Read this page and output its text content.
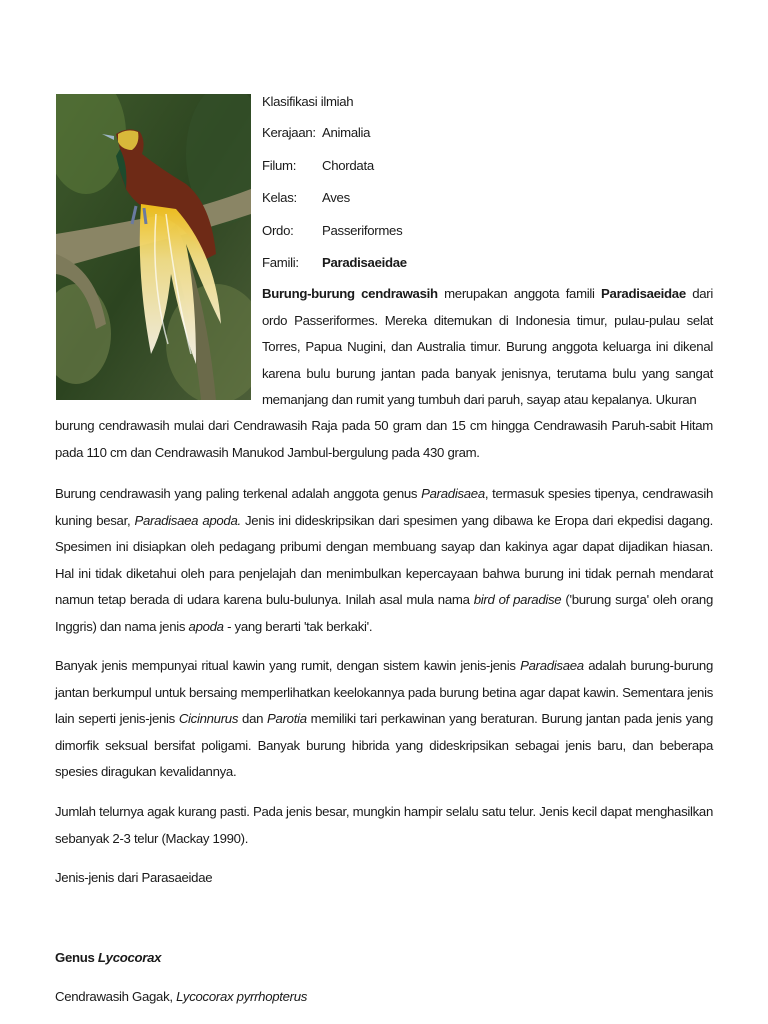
Klasifikasi ilmiah
Kerajaan: Animalia
Filum: Chordata
Kelas: Aves
Ordo: Passeriformes
Famili: Paradisaeidae

Burung-burung cendrawasih merupakan anggota famili Paradisaeidae dari ordo Passeriformes. Mereka ditemukan di Indonesia timur, pulau-pulau selat Torres, Papua Nugini, dan Australia timur. Burung anggota keluarga ini dikenal karena bulu burung jantan pada banyak jenisnya, terutama bulu yang sangat memanjang dan rumit yang tumbuh dari paruh, sayap atau kepalanya. Ukuran

burung cendrawasih mulai dari Cendrawasih Raja pada 50 gram dan 15 cm hingga Cendrawasih Paruh-sabit Hitam pada 110 cm dan Cendrawasih Manukod Jambul-bergulung pada 430 gram.

Burung cendrawasih yang paling terkenal adalah anggota genus Paradisaea, termasuk spesies tipenya, cendrawasih kuning besar, Paradisaea apoda. Jenis ini dideskripsikan dari spesimen yang dibawa ke Eropa dari ekpedisi dagang. Spesimen ini disiapkan oleh pedagang pribumi dengan membuang sayap dan kakinya agar dapat dijadikan hiasan. Hal ini tidak diketahui oleh para penjelajah dan menimbulkan kepercayaan bahwa burung ini tidak pernah mendarat namun tetap berada di udara karena bulu-bulunya. Inilah asal mula nama bird of paradise ('burung surga' oleh orang Inggris) dan nama jenis apoda - yang berarti 'tak berkaki'.

Banyak jenis mempunyai ritual kawin yang rumit, dengan sistem kawin jenis-jenis Paradisaea adalah burung-burung jantan berkumpul untuk bersaing memperlihatkan keelokannya pada burung betina agar dapat kawin. Sementara jenis lain seperti jenis-jenis Cicinnurus dan Parotia memiliki tari perkawinan yang beraturan. Burung jantan pada jenis yang dimorfik seksual bersifat poligami. Banyak burung hibrida yang dideskripsikan sebagai jenis baru, dan beberapa spesies diragukan kevalidannya.

Jumlah telurnya agak kurang pasti. Pada jenis besar, mungkin hampir selalu satu telur. Jenis kecil dapat menghasilkan sebanyak 2-3 telur (Mackay 1990).

Jenis-jenis dari Parasaeidae
Genus Lycocorax
Cendrawasih Gagak, Lycocorax pyrrhopterus
